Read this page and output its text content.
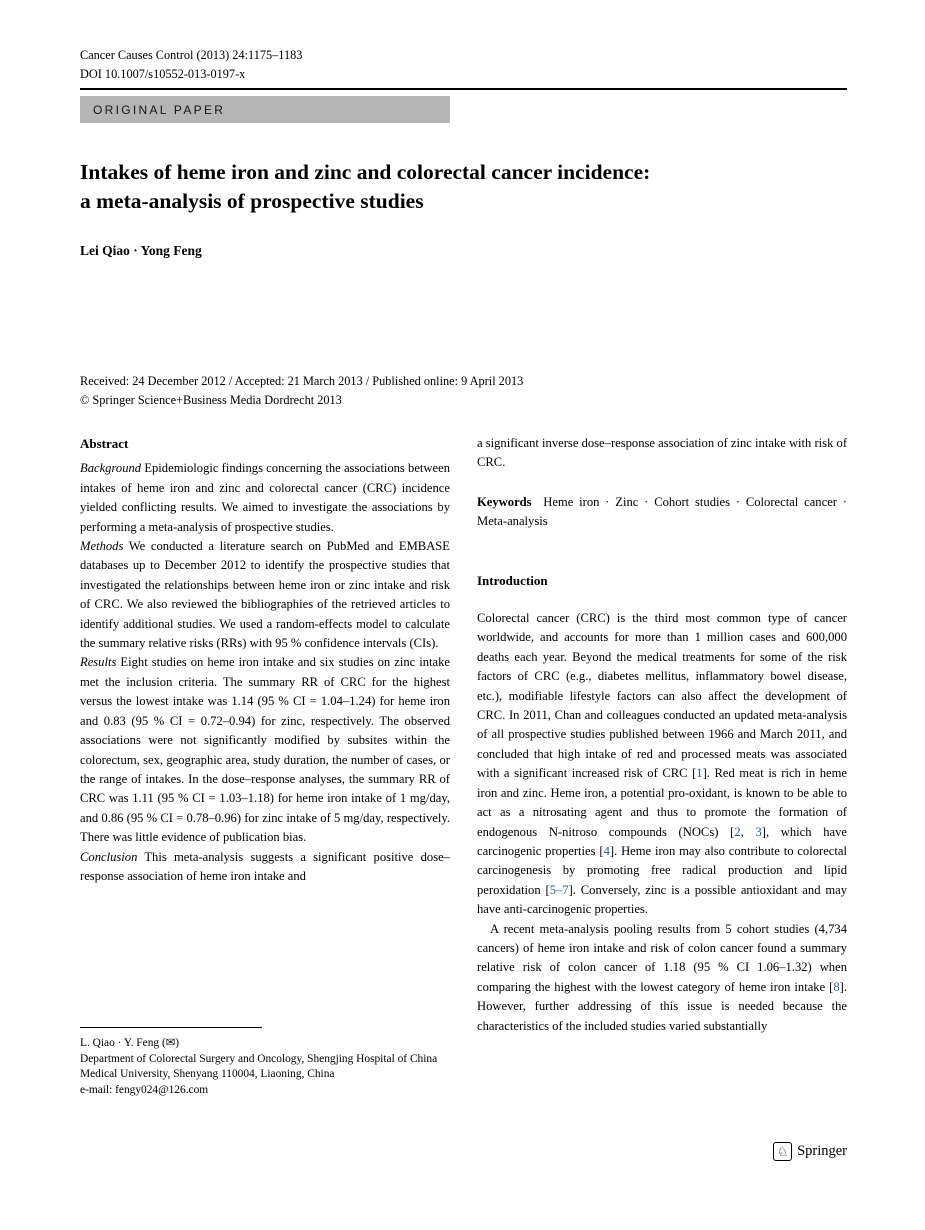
Cancer Causes Control (2013) 24:1175–1183
DOI 10.1007/s10552-013-0197-x
ORIGINAL PAPER
Intakes of heme iron and zinc and colorectal cancer incidence:
a meta-analysis of prospective studies
Lei Qiao · Yong Feng
Received: 24 December 2012 / Accepted: 21 March 2013 / Published online: 9 April 2013
© Springer Science+Business Media Dordrecht 2013
Abstract

Background Epidemiologic findings concerning the associations between intakes of heme iron and zinc and colorectal cancer (CRC) incidence yielded conflicting results. We aimed to investigate the associations by performing a meta-analysis of prospective studies.

Methods We conducted a literature search on PubMed and EMBASE databases up to December 2012 to identify the prospective studies that investigated the relationships between heme iron or zinc intake and risk of CRC. We also reviewed the bibliographies of the retrieved articles to identify additional studies. We used a random-effects model to calculate the summary relative risks (RRs) with 95 % confidence intervals (CIs).

Results Eight studies on heme iron intake and six studies on zinc intake met the inclusion criteria. The summary RR of CRC for the highest versus the lowest intake was 1.14 (95 % CI = 1.04–1.24) for heme iron and 0.83 (95 % CI = 0.72–0.94) for zinc, respectively. The observed associations were not significantly modified by subsites within the colorectum, sex, geographic area, study duration, the number of cases, or the range of intakes. In the dose–response analyses, the summary RR of CRC was 1.11 (95 % CI = 1.03–1.18) for heme iron intake of 1 mg/day, and 0.86 (95 % CI = 0.78–0.96) for zinc intake of 5 mg/day, respectively. There was little evidence of publication bias.

Conclusion This meta-analysis suggests a significant positive dose–response association of heme iron intake and

a significant inverse dose–response association of zinc intake with risk of CRC.

Keywords  Heme iron · Zinc · Cohort studies · Colorectal cancer · Meta-analysis

Introduction

Colorectal cancer (CRC) is the third most common type of cancer worldwide, and accounts for more than 1 million cases and 600,000 deaths each year. Beyond the medical treatments for some of the risk factors of CRC (e.g., diabetes mellitus, inflammatory bowel disease, etc.), modifiable lifestyle factors can also affect the development of CRC. In 2011, Chan and colleagues conducted an updated meta-analysis of all prospective studies published between 1966 and March 2011, and concluded that high intake of red and processed meats was associated with a significant increased risk of CRC [1]. Red meat is rich in heme iron and zinc. Heme iron, a potential pro-oxidant, is known to be able to act as a nitrosating agent and thus to promote the formation of endogenous N-nitroso compounds (NOCs) [2, 3], which have carcinogenic properties [4]. Heme iron may also contribute to colorectal carcinogenesis by promoting free radical production and lipid peroxidation [5–7]. Conversely, zinc is a possible antioxidant and may have anti-carcinogenic properties.

A recent meta-analysis pooling results from 5 cohort studies (4,734 cancers) of heme iron intake and risk of colon cancer found a summary relative risk of colon cancer of 1.18 (95 % CI 1.06–1.32) when comparing the highest with the lowest category of heme iron intake [8]. However, further addressing of this issue is needed because the characteristics of the included studies varied substantially

L. Qiao · Y. Feng (✉)

Department of Colorectal Surgery and Oncology, Shengjing Hospital of China Medical University, Shenyang 110004, Liaoning, China

e-mail: fengy024@126.com

♘ Springer
